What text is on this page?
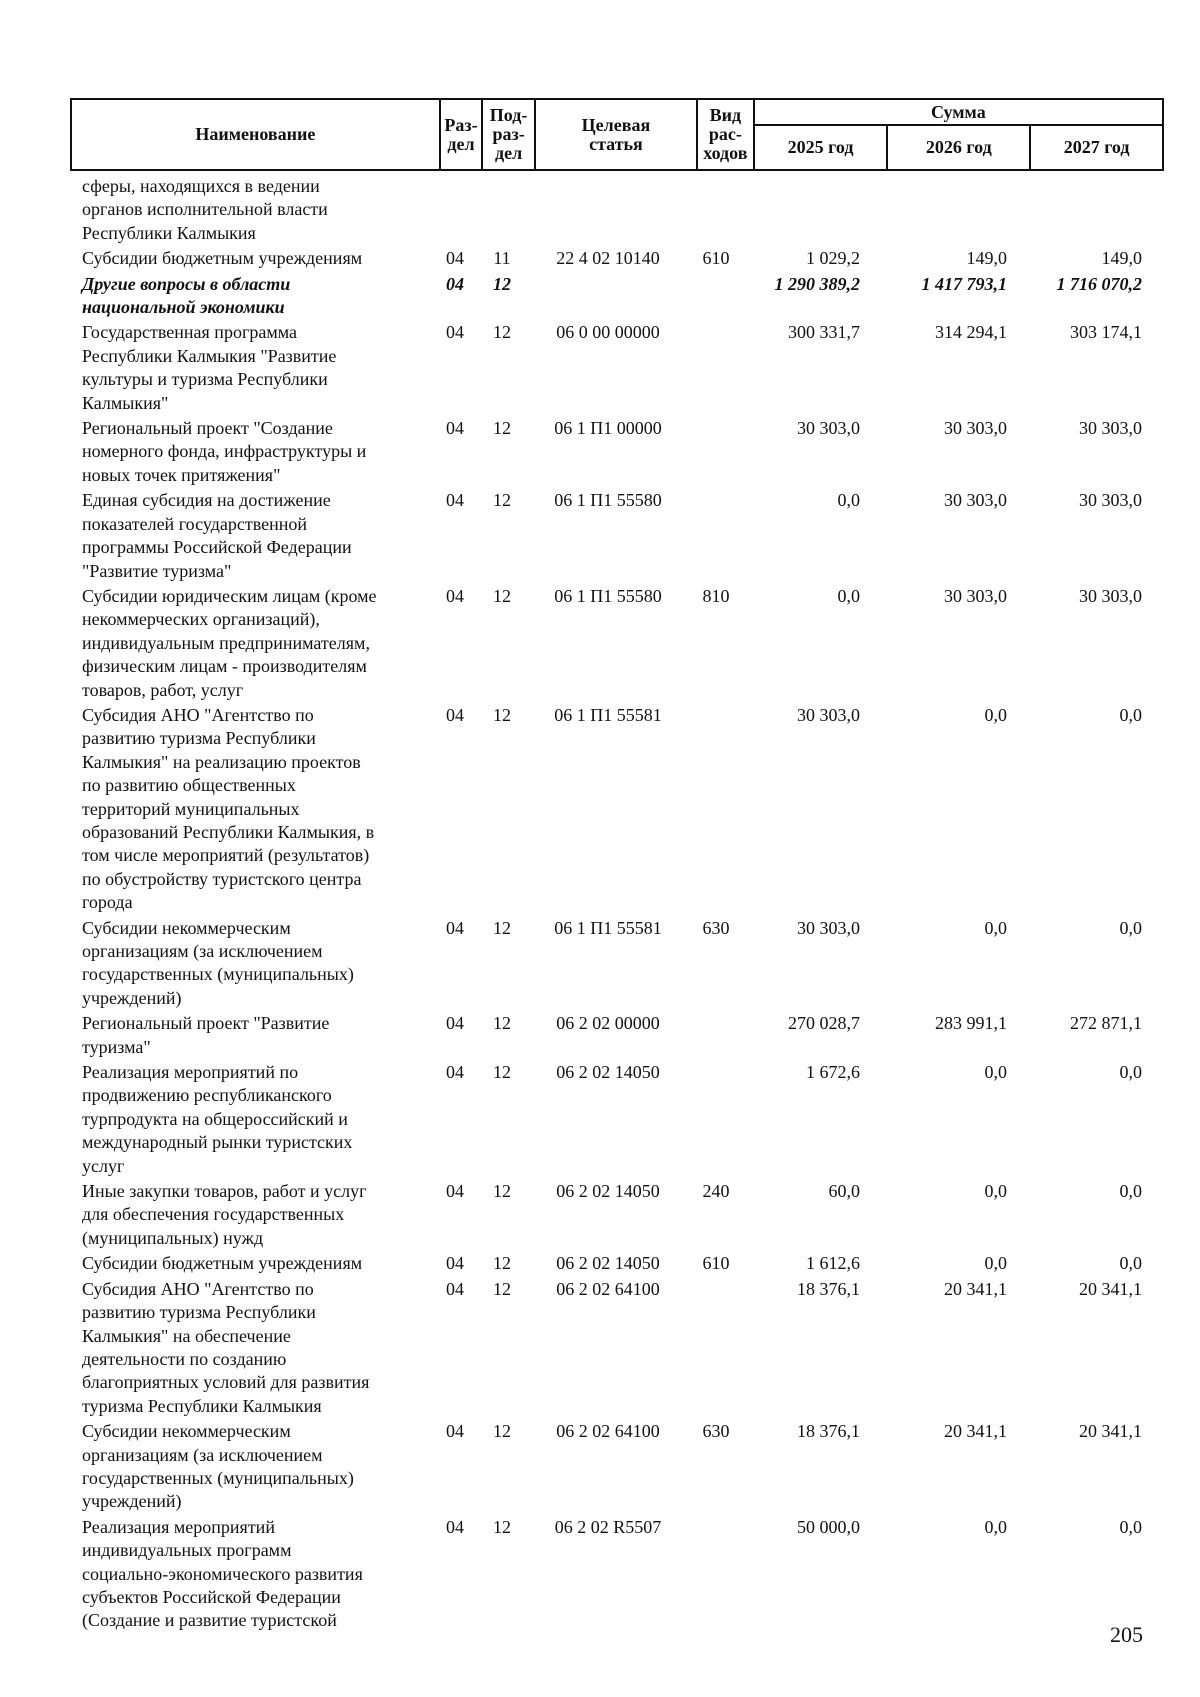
Наименование	Раз-
дел	Под-
раз-
дел	Целевая
статья	Вид
рас-
ходов	Сумма		
					2025 год	2026 год	2027 год
сферы, находящихся в ведении
органов исполнительной власти
Республики Калмыкия
Субсидии бюджетным учреждениям	04	11	22 4 02 10140	610	1 029,2	149,0	149,0
Другие вопросы в области
национальной экономики
04	12	1 290 389,2	1 417 793,1	1 716 070,2
Государственная программа
Республики Калмыкия "Развитие
культуры и туризма Республики
Калмыкия"
04	12	06 0 00 00000	300 331,7	314 294,1	303 174,1
Региональный проект "Создание
номерного фонда, инфраструктуры и
новых точек притяжения"
04	12	06 1 П1 00000	30 303,0	30 303,0	30 303,0
Единая субсидия на достижение
показателей государственной
программы Российской Федерации
"Развитие туризма"
04	12	06 1 П1 55580	0,0	30 303,0	30 303,0
Субсидии юридическим лицам (кроме
некоммерческих организаций),
индивидуальным предпринимателям,
физическим лицам - производителям
товаров, работ, услуг
04	12	06 1 П1 55580	810	0,0	30 303,0	30 303,0
Субсидия АНО "Агентство по
развитию туризма Республики
Калмыкия" на реализацию проектов
по развитию общественных
территорий муниципальных
образований Республики Калмыкия, в
том числе мероприятий (результатов)
по обустройству туристского центра
города
04	12	06 1 П1 55581	30 303,0	0,0	0,0
Субсидии некоммерческим
организациям (за исключением
государственных (муниципальных)
учреждений)
04	12	06 1 П1 55581	630	30 303,0	0,0	0,0
Региональный проект "Развитие
туризма"
04	12	06 2 02 00000	270 028,7	283 991,1	272 871,1
Реализация мероприятий по
продвижению республиканского
турпродукта на общероссийский и
международный рынки туристских
услуг
04	12	06 2 02 14050	1 672,6	0,0	0,0
Иные закупки товаров, работ и услуг
для обеспечения государственных
(муниципальных) нужд
04	12	06 2 02 14050	240	60,0	0,0	0,0
Субсидии бюджетным учреждениям	04	12	06 2 02 14050	610	1 612,6	0,0	0,0
Субсидия АНО "Агентство по
развитию туризма Республики
Калмыкия" на обеспечение
деятельности по созданию
благоприятных условий для развития
туризма Республики Калмыкия
04	12	06 2 02 64100	18 376,1	20 341,1	20 341,1
Субсидии некоммерческим
организациям (за исключением
государственных (муниципальных)
учреждений)
04	12	06 2 02 64100	630	18 376,1	20 341,1	20 341,1
Реализация мероприятий
индивидуальных программ
социально-экономического развития
субъектов Российской Федерации
(Создание и развитие туристской
04	12	06 2 02 R5507	50 000,0	0,0	0,0
205
